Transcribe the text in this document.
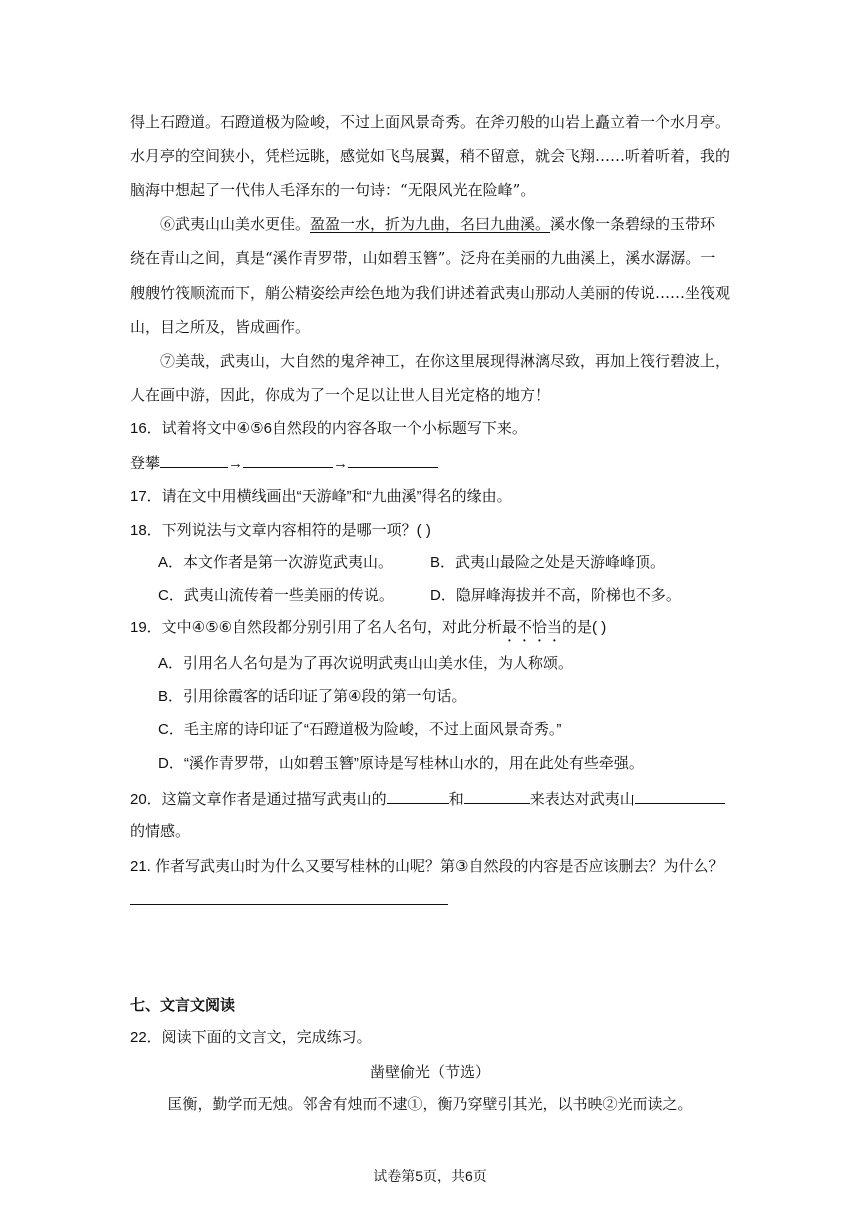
得上石蹬道。石蹬道极为险峻，不过上面风景奇秀。在斧刃般的山岩上矗立着一个水月亭。
水月亭的空间狭小，凭栏远眺，感觉如飞鸟展翼，稍不留意，就会飞翔……听着听着，我的
脑海中想起了一代伟人毛泽东的一句诗：“无限风光在险峰”。
⑥武夷山山美水更佳。盈盈一水，折为九曲，名曰九曲溪。溪水像一条碧绿的玉带环
绕在青山之间，真是“溪作青罗带，山如碧玉簪”。泛舟在美丽的九曲溪上，溪水潺潺。一
艘艘竹筏顺流而下，艄公精姿绘声绘色地为我们讲述着武夷山那动人美丽的传说……坐筏观
山，目之所及，皆成画作。
⑦美哉，武夷山，大自然的鬼斧神工，在你这里展现得淋漓尽致，再加上筏行碧波上，
人在画中游，因此，你成为了一个足以让世人目光定格的地方！
16．试着将文中④⑤6自然段的内容各取一个小标题写下来。
登攀	→	→
17．请在文中用横线画出“天游峰”和“九曲溪”得名的缘由。
18．下列说法与文章内容相符的是哪一项？( )
A．本文作者是第一次游览武夷山。 B．武夷山最险之处是天游峰峰顶。
C．武夷山流传着一些美丽的传说。 D．隐屏峰海拔并不高，阶梯也不多。
19．文中④⑤⑥自然段都分别引用了名人名句，对此分析最不恰当的是( )
A．引用名人名句是为了再次说明武夷山山美水佳，为人称颂。
B．引用徐霞客的话印证了第④段的第一句话。
C．毛主席的诗印证了“石蹬道极为险峻，不过上面风景奇秀。”
D．“溪作青罗带，山如碧玉簪”原诗是写桂林山水的，用在此处有些牵强。
20．这篇文章作者是通过描写武夷山的	和	来表达对武夷山
的情感。
21. 作者写武夷山时为什么又要写桂林的山呢？第③自然段的内容是否应该删去？为什么？
七、文言文阅读
22．阅读下面的文言文，完成练习。
凿壁偷光（节选）
匡衡，勤学而无烛。邻舍有烛而不逮①，衡乃穿壁引其光，以书映②光而读之。
试卷第5页，共6页
